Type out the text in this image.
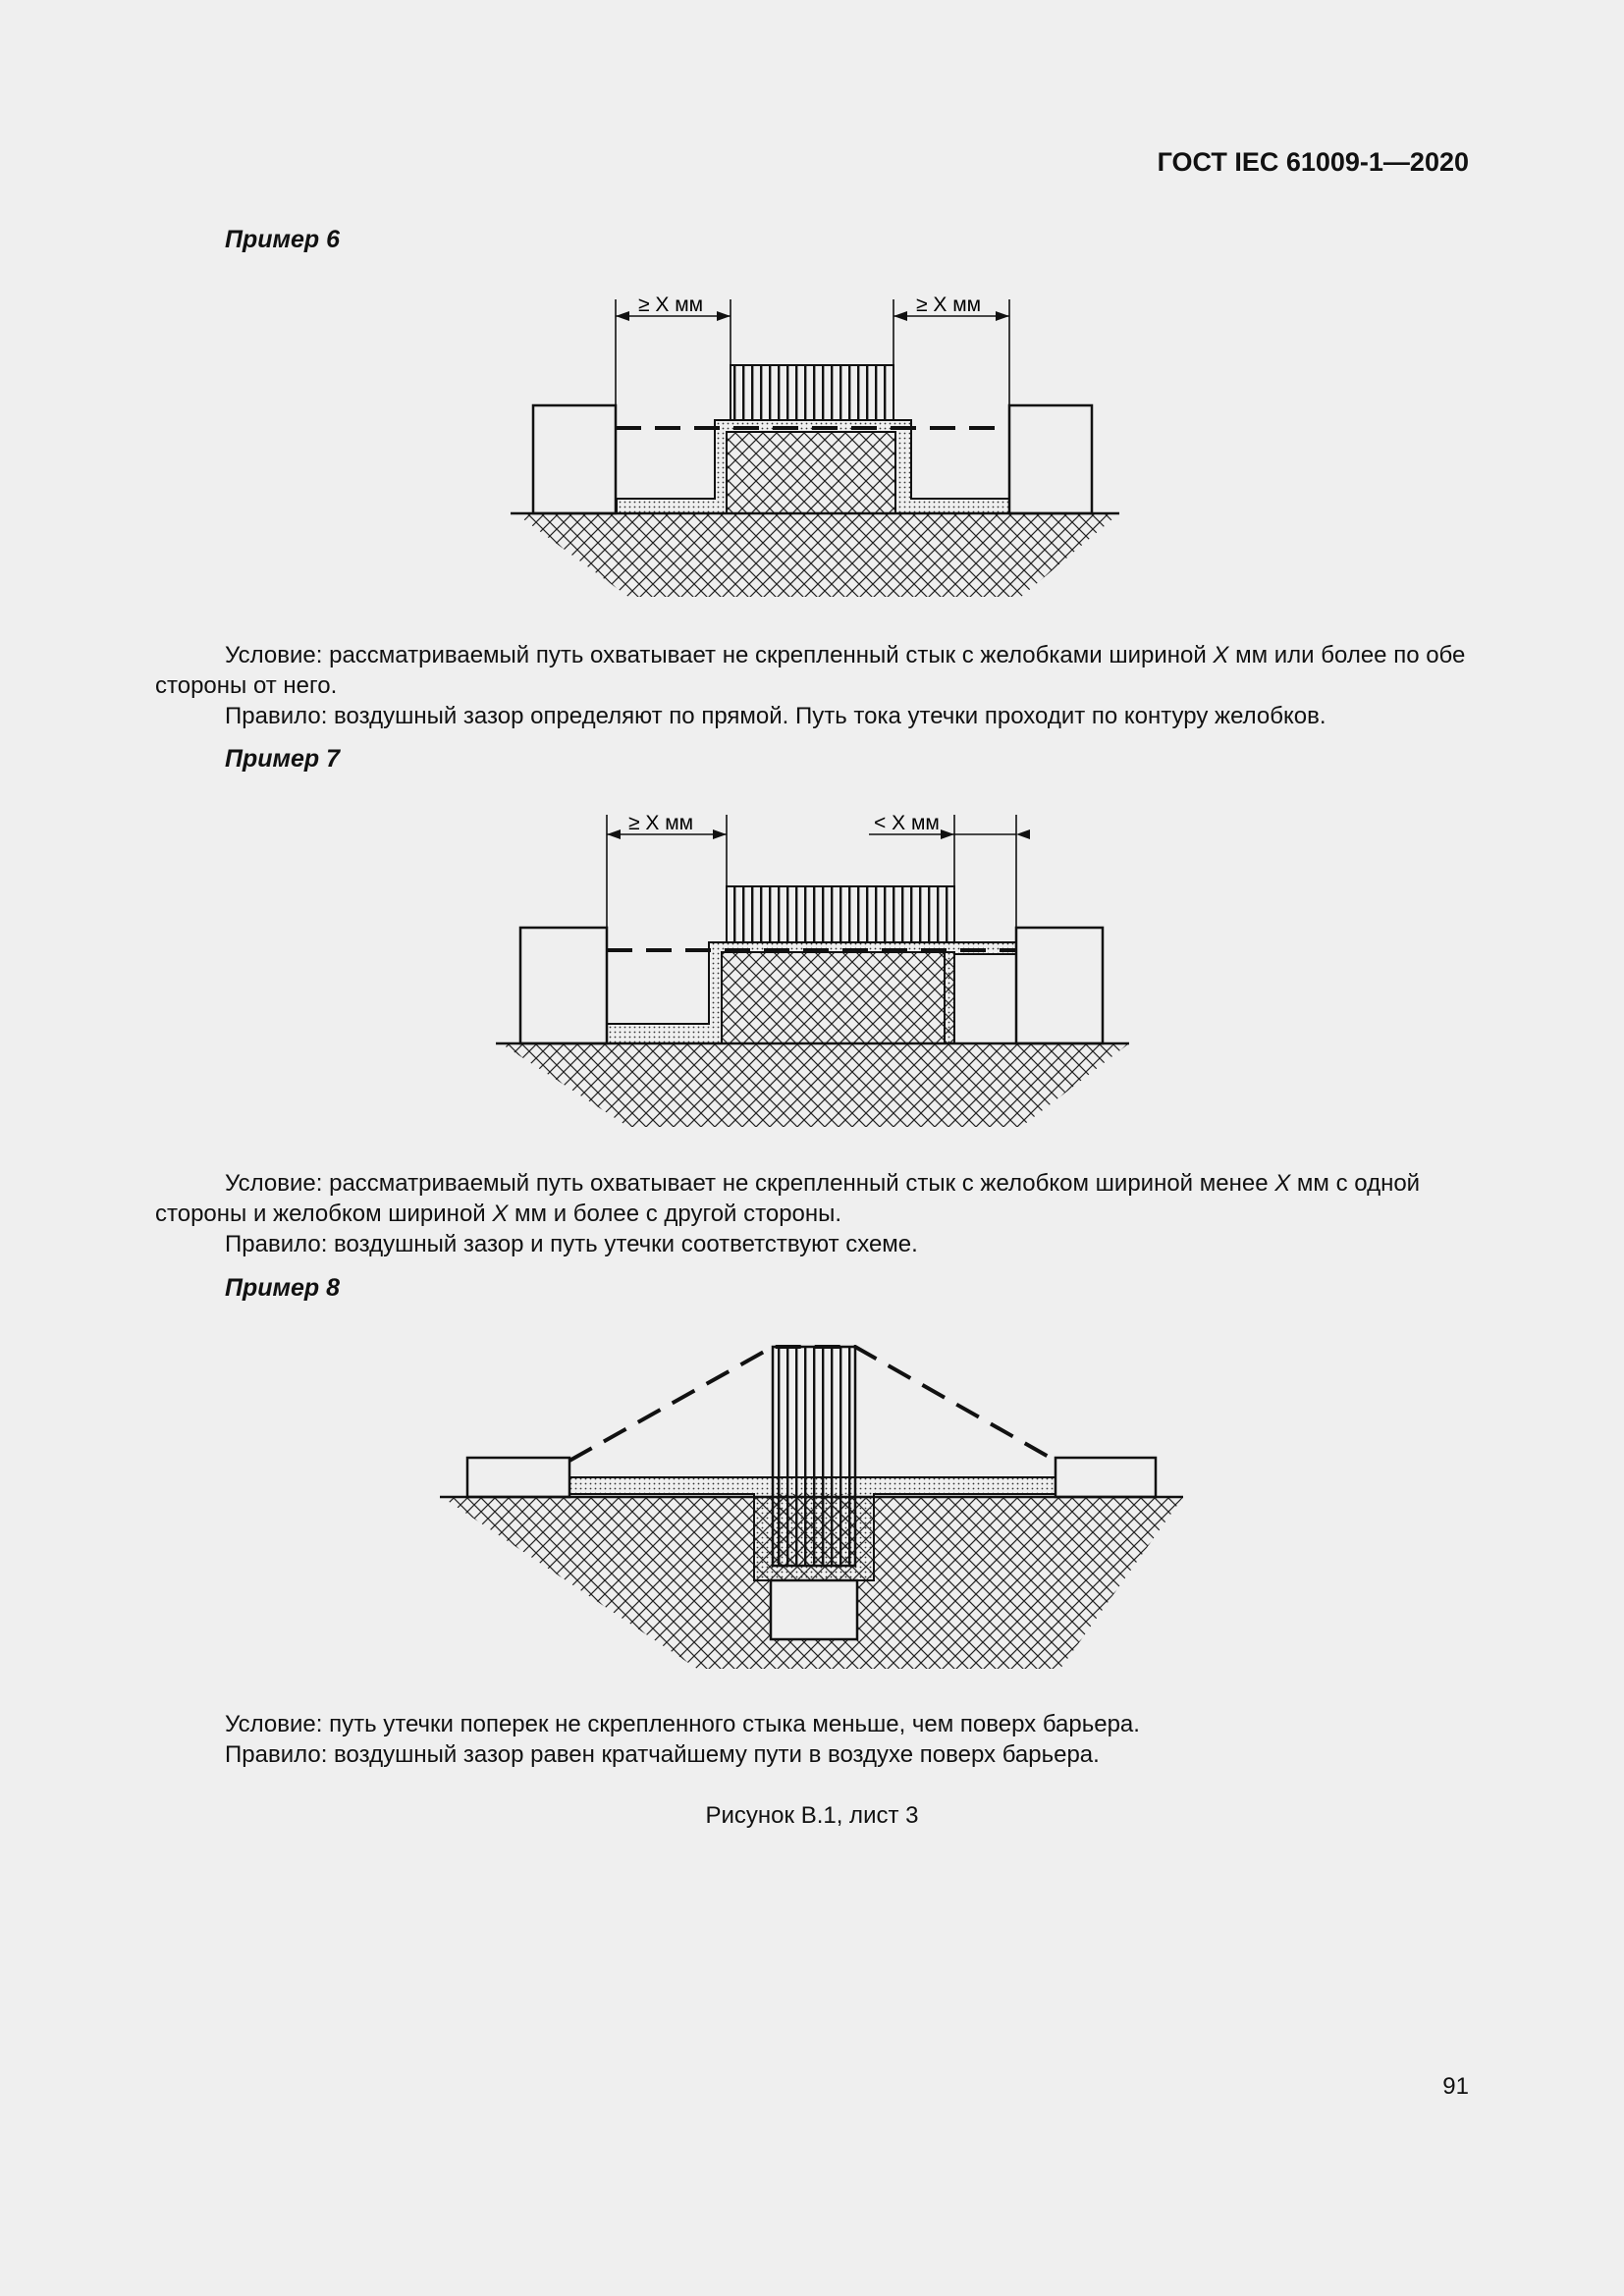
ГОСТ IEC 61009-1—2020
Пример 6
≥ X мм	≥ X мм

Условие: рассматриваемый путь охватывает не скрепленный стык с желобками шириной X мм или более по обе стороны от него.

Правило: воздушный зазор определяют по прямой. Путь тока утечки проходит по контуру желобков.

Пример 7
≥ X мм	< X мм

Условие: рассматриваемый путь охватывает не скрепленный стык с желобком шириной менее X мм с одной стороны и желобком шириной X мм и более с другой стороны.

Правило: воздушный зазор и путь утечки соответствуют схеме.

Пример 8

Условие: путь утечки поперек не скрепленного стыка меньше, чем поверх барьера.

Правило: воздушный зазор равен кратчайшему пути в воздухе поверх барьера.

Рисунок В.1, лист 3
91
